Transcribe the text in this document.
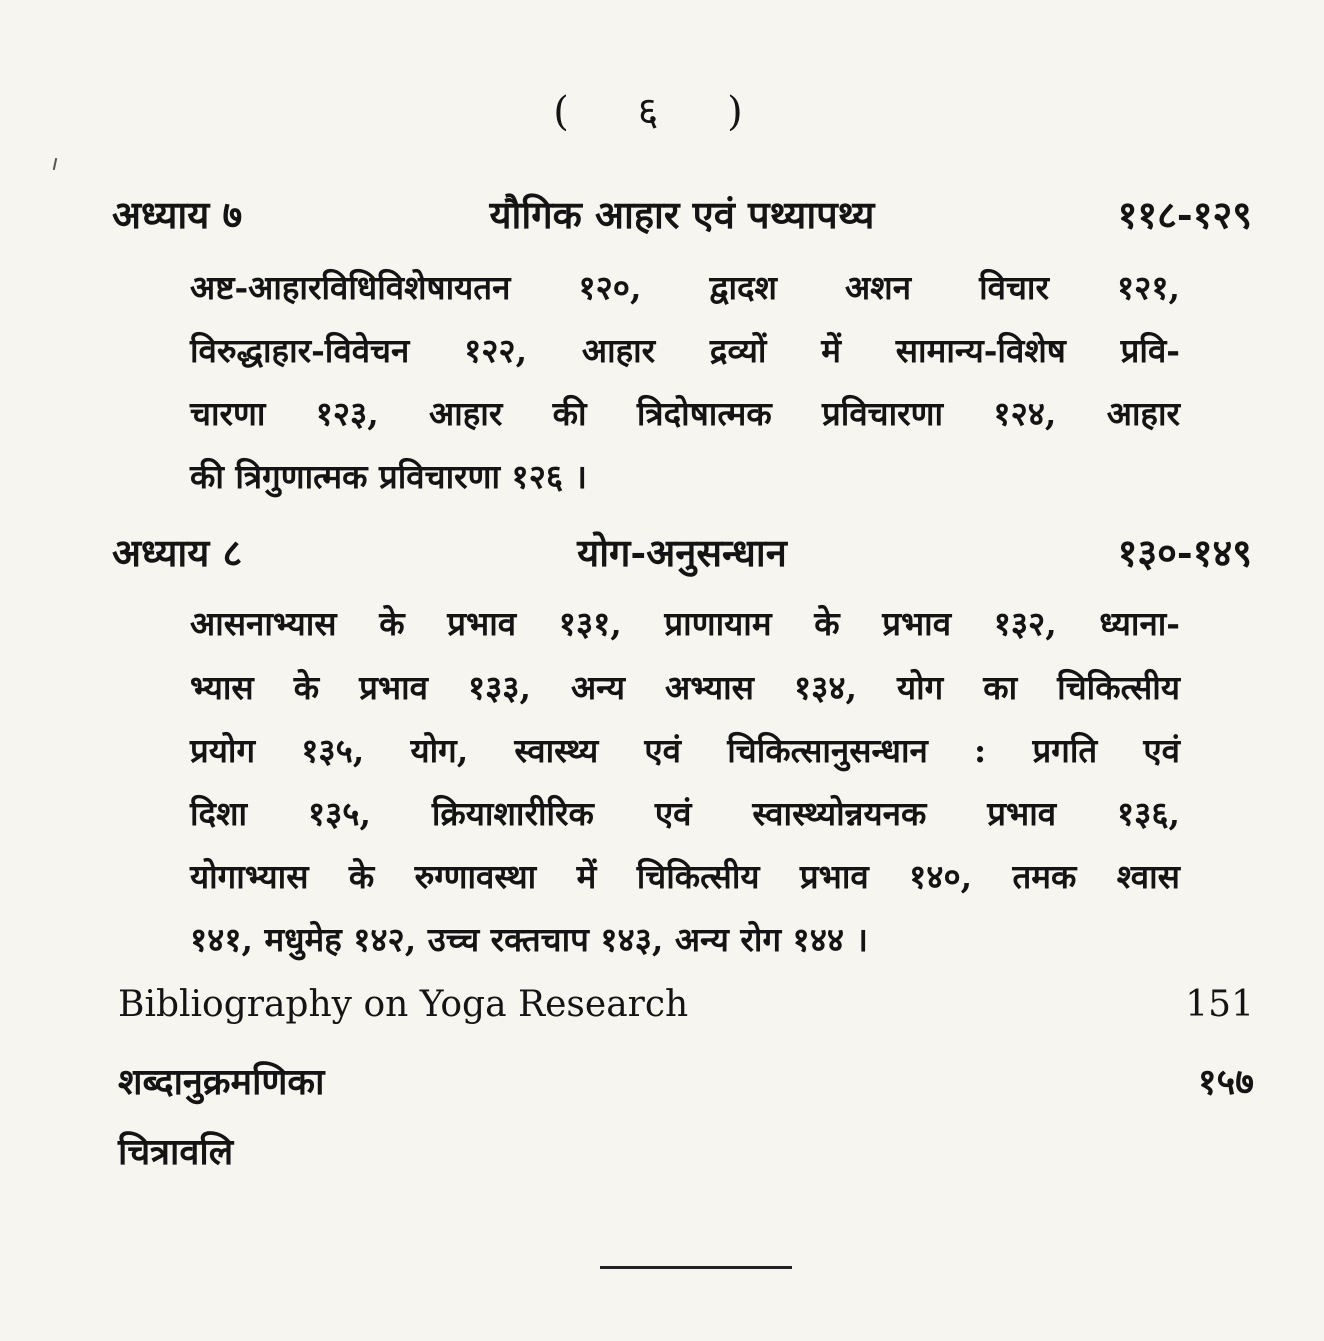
( ६ )
अध्याय ७	यौगिक आहार एवं पथ्यापथ्य	११८-१२९
अष्ट-आहारविधिविशेषायतन १२०, द्वादश अशन विचार १२१,
विरुद्धाहार-विवेचन १२२, आहार द्रव्यों में सामान्य-विशेष प्रवि-
चारणा १२३, आहार की त्रिदोषात्मक प्रविचारणा १२४, आहार
की त्रिगुणात्मक प्रविचारणा १२६ ।
अध्याय ८	योग-अनुसन्धान	१३०-१४९
आसनाभ्यास के प्रभाव १३१, प्राणायाम के प्रभाव १३२, ध्याना-
भ्यास के प्रभाव १३३, अन्य अभ्यास १३४, योग का चिकित्सीय
प्रयोग १३५, योग, स्वास्थ्य एवं चिकित्सानुसन्धान : प्रगति एवं
दिशा १३५, क्रियाशारीरिक एवं स्वास्थ्योन्नयनक प्रभाव १३६,
योगाभ्यास के रुग्णावस्था में चिकित्सीय प्रभाव १४०, तमक श्वास
१४१, मधुमेह १४२, उच्च रक्तचाप १४३, अन्य रोग १४४ ।
Bibliography on Yoga Research	151
शब्दानुक्रमणिका	१५७
चित्रावलि
